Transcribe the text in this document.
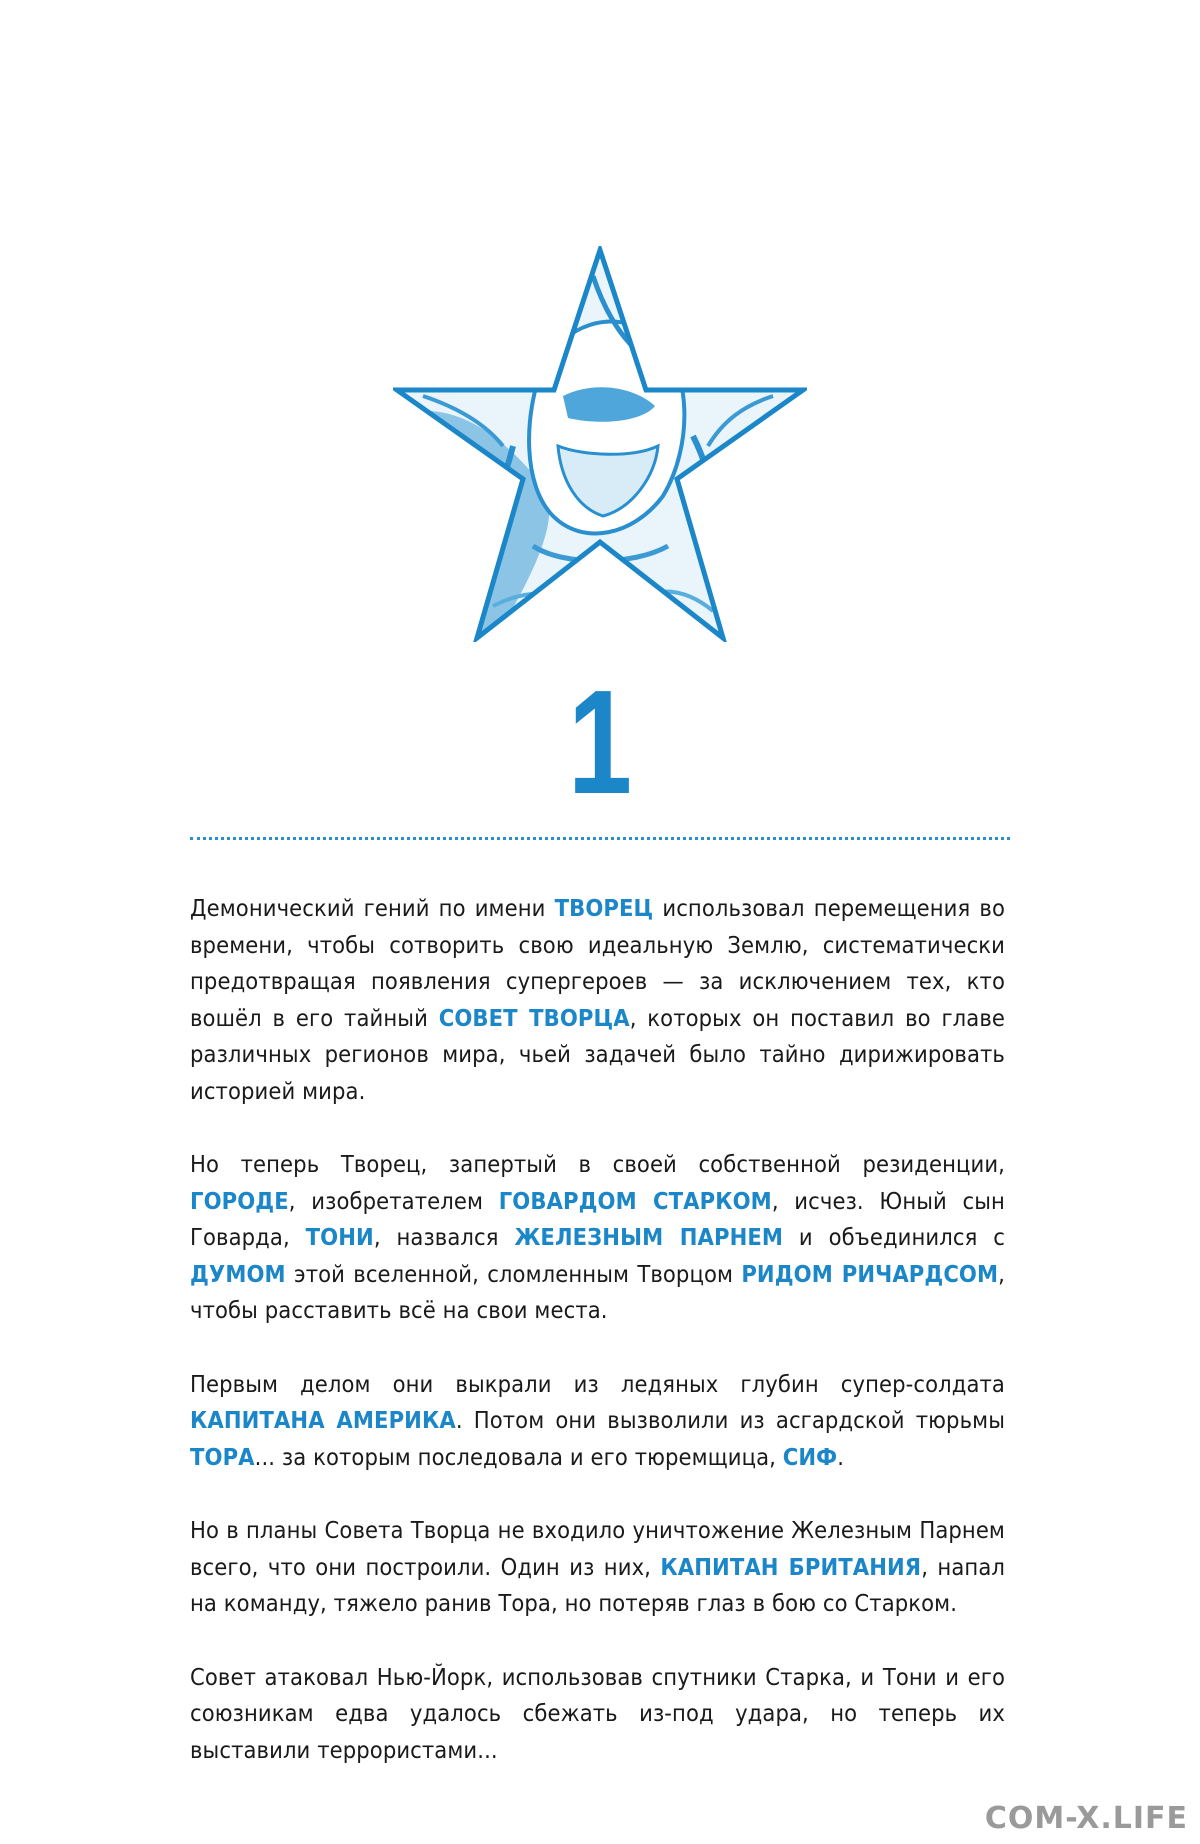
1

Демонический гений по имени ТВОРЕЦ использовал перемещения во времени, чтобы сотворить свою идеальную Землю, систематически предотвращая появления супергероев — за исключением тех, кто вошёл в его тайный СОВЕТ ТВОРЦА, которых он поставил во главе различных регионов мира, чьей задачей было тайно дирижировать историей мира.

Но теперь Творец, запертый в своей собственной резиденции, ГОРОДЕ, изобретателем ГОВАРДОМ СТАРКОМ, исчез. Юный сын Говарда, ТОНИ, назвался ЖЕЛЕЗНЫМ ПАРНЕМ и объединился с ДУМОМ этой вселенной, сломленным Творцом РИДОМ РИЧАРДСОМ, чтобы расставить всё на свои места.

Первым делом они выкрали из ледяных глубин супер-солдата КАПИТАНА АМЕРИКА. Потом они вызволили из асгардской тюрьмы ТОРА... за которым последовала и его тюремщица, СИФ.

Но в планы Совета Творца не входило уничтожение Железным Парнем всего, что они построили. Один из них, КАПИТАН БРИТАНИЯ, напал на команду, тяжело ранив Тора, но потеряв глаз в бою со Старком.

Совет атаковал Нью-Йорк, использовав спутники Старка, и Тони и его союзникам едва удалось сбежать из-под удара, но теперь их выставили террористами...

COM-X.LIFE
